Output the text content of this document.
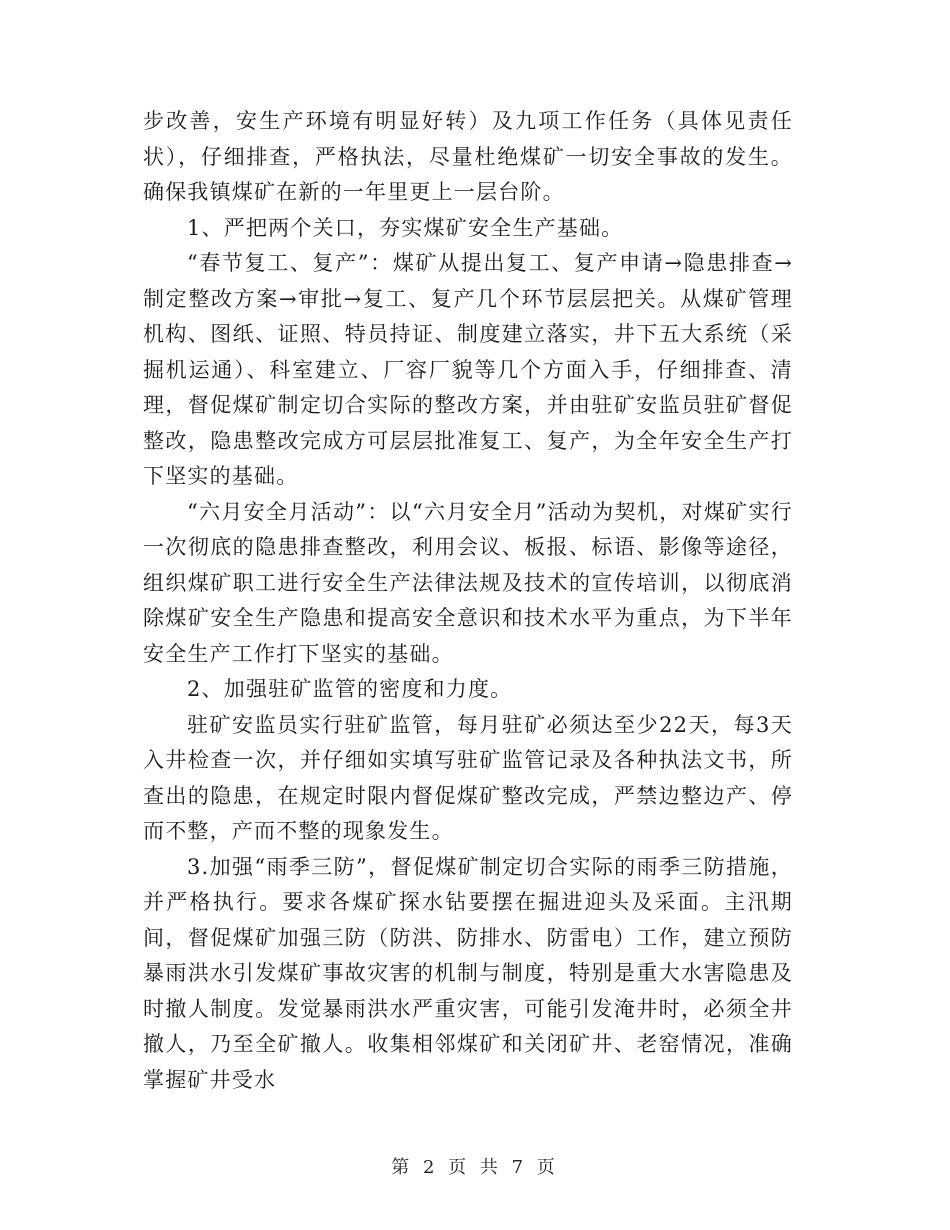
步改善，安生产环境有明显好转）及九项工作任务（具体见责任状），仔细排查，严格执法，尽量杜绝煤矿一切安全事故的发生。确保我镇煤矿在新的一年里更上一层台阶。

1、严把两个关口，夯实煤矿安全生产基础。

“春节复工、复产”：煤矿从提出复工、复产申请→隐患排查→制定整改方案→审批→复工、复产几个环节层层把关。从煤矿管理机构、图纸、证照、特员持证、制度建立落实，井下五大系统（采掘机运通）、科室建立、厂容厂貌等几个方面入手，仔细排查、清理，督促煤矿制定切合实际的整改方案，并由驻矿安监员驻矿督促整改，隐患整改完成方可层层批准复工、复产，为全年安全生产打下坚实的基础。

“六月安全月活动”：以“六月安全月”活动为契机，对煤矿实行一次彻底的隐患排查整改，利用会议、板报、标语、影像等途径，组织煤矿职工进行安全生产法律法规及技术的宣传培训，以彻底消除煤矿安全生产隐患和提高安全意识和技术水平为重点，为下半年安全生产工作打下坚实的基础。

2、加强驻矿监管的密度和力度。

驻矿安监员实行驻矿监管，每月驻矿必须达至少22天，每3天入井检查一次，并仔细如实填写驻矿监管记录及各种执法文书，所查出的隐患，在规定时限内督促煤矿整改完成，严禁边整边产、停而不整，产而不整的现象发生。

3.加强“雨季三防”，督促煤矿制定切合实际的雨季三防措施，并严格执行。要求各煤矿探水钻要摆在掘进迎头及采面。主汛期间，督促煤矿加强三防（防洪、防排水、防雷电）工作，建立预防暴雨洪水引发煤矿事故灾害的机制与制度，特别是重大水害隐患及时撤人制度。发觉暴雨洪水严重灾害，可能引发淹井时，必须全井撤人，乃至全矿撤人。收集相邻煤矿和关闭矿井、老窑情况，准确掌握矿井受水

第 2 页 共 7 页
